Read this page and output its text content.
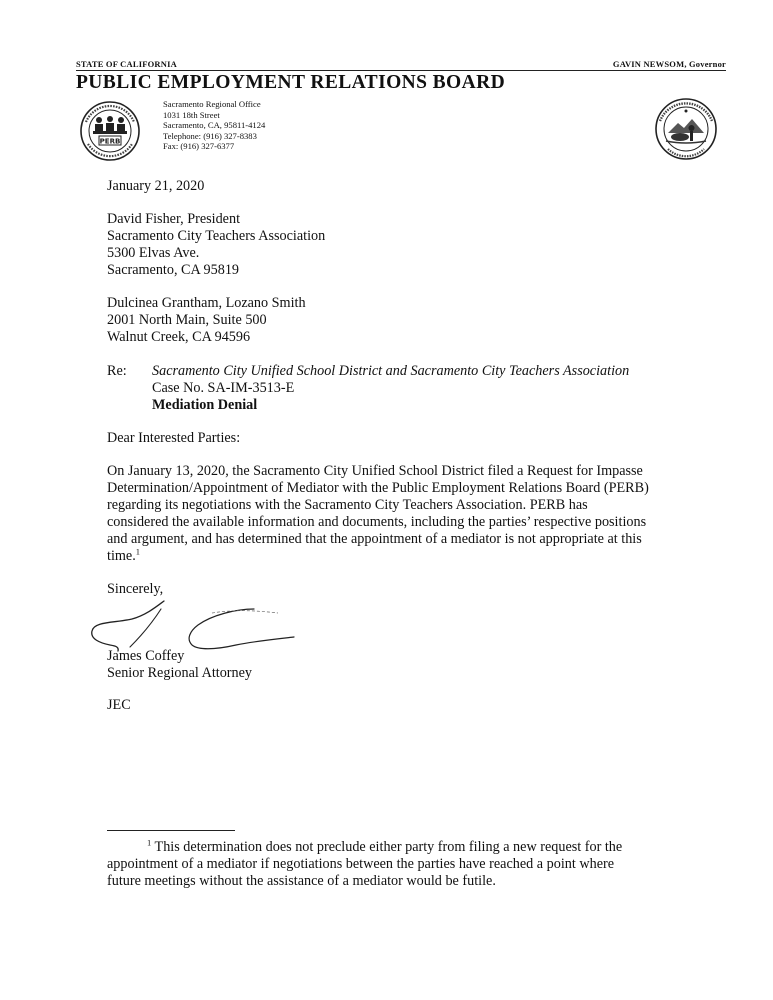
STATE OF CALIFORNIA	GAVIN NEWSOM, Governor
PUBLIC EMPLOYMENT RELATIONS BOARD
PERB
Sacramento Regional Office
1031 18th Street
Sacramento, CA, 95811-4124
Telephone: (916) 327-8383
Fax: (916) 327-6377
January 21, 2020
David Fisher, President
Sacramento City Teachers Association
5300 Elvas Ave.
Sacramento, CA 95819
Dulcinea Grantham, Lozano Smith
2001 North Main, Suite 500
Walnut Creek, CA 94596
Re: Sacramento City Unified School District and Sacramento City Teachers Association
Case No. SA-IM-3513-E
Mediation Denial
Dear Interested Parties:
On January 13, 2020, the Sacramento City Unified School District filed a Request for Impasse
Determination/Appointment of Mediator with the Public Employment Relations Board (PERB)
regarding its negotiations with the Sacramento City Teachers Association. PERB has
considered the available information and documents, including the parties’ respective positions
and argument, and has determined that the appointment of a mediator is not appropriate at this
time.$^1$
Sincerely,
James Coffey
Senior Regional Attorney
JEC
$^1$ This determination does not preclude either party from filing a new request for the
appointment of a mediator if negotiations between the parties have reached a point where
future meetings without the assistance of a mediator would be futile.
